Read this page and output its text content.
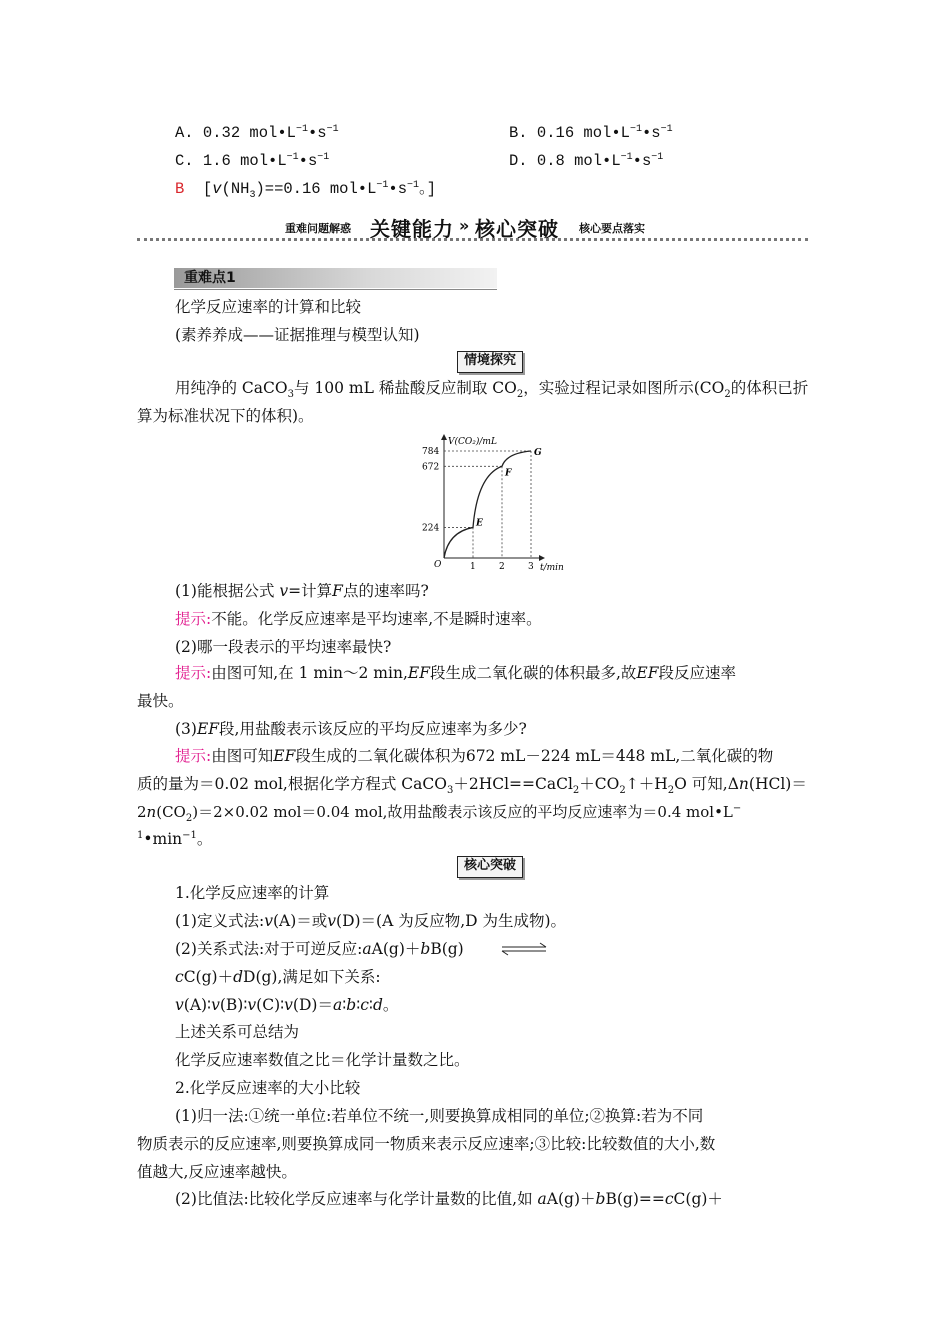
A. 0.32 $mol•L^{-1}•s^{-1}$	B. 0.16 $mol•L^{-1}•s^{-1}$
C. 1.6 $mol•L^{-1}•s^{-1}$	D. 0.8 $mol•L^{-1}•s^{-1}$
B [$v(NH_3)==0.16$ $mol•L^{-1}•s^{-1}$。]
重难问题解惑 关键能力 » 核心突破 核心要点落实
重难点1
化学反应速率的计算和比较
(素养养成——证据推理与模型认知)
情境探究
用纯净的 CaCO$_3$与 100 mL 稀盐酸反应制取 $CO_2$，实验过程记录如图所示($CO_2$的体积已折
算为标准状况下的体积)。
V(CO₂)/mL
t/min
O	1	2	3
224
672
784
E
F
G
(1)能根据公式 v=计算F点的速率吗?
提示:不能。化学反应速率是平均速率,不是瞬时速率。
(2)哪一段表示的平均速率最快?
提示:由图可知,在 1 min～2 min,EF段生成二氧化碳的体积最多,故EF段反应速率
最快。
(3)EF段,用盐酸表示该反应的平均反应速率为多少?
提示:由图可知EF段生成的二氧化碳体积为672 mL－224 mL＝448 mL,二氧化碳的物
质的量为＝0.02 mol,根据化学方程式 $CaCO_3+2HCl==CaCl_2+CO_2↑+H_2O$ 可知,Δn(HCl)＝
$2n(CO_2)=2\times 0.02$ mol＝0.04 mol,故用盐酸表示该反应的平均反应速率为＝0.4 mol•L−
$^1•\min^{-1}$。
核心突破
1.化学反应速率的计算
(1)定义式法:v(A)＝或v(D)＝(A 为反应物,D 为生成物)。
(2)关系式法:对于可逆反应:aA(g)＋bB(g)
cC(g)＋dD(g),满足如下关系:
v(A)∶v(B)∶v(C)∶v(D)＝a∶b∶c∶d。
上述关系可总结为
化学反应速率数值之比＝化学计量数之比。
2.化学反应速率的大小比较
(1)归一法:①统一单位:若单位不统一,则要换算成相同的单位;②换算:若为不同
物质表示的反应速率,则要换算成同一物质来表示反应速率;③比较:比较数值的大小,数
值越大,反应速率越快。
(2)比值法:比较化学反应速率与化学计量数的比值,如 aA(g)＋bB(g)==cC(g)＋
